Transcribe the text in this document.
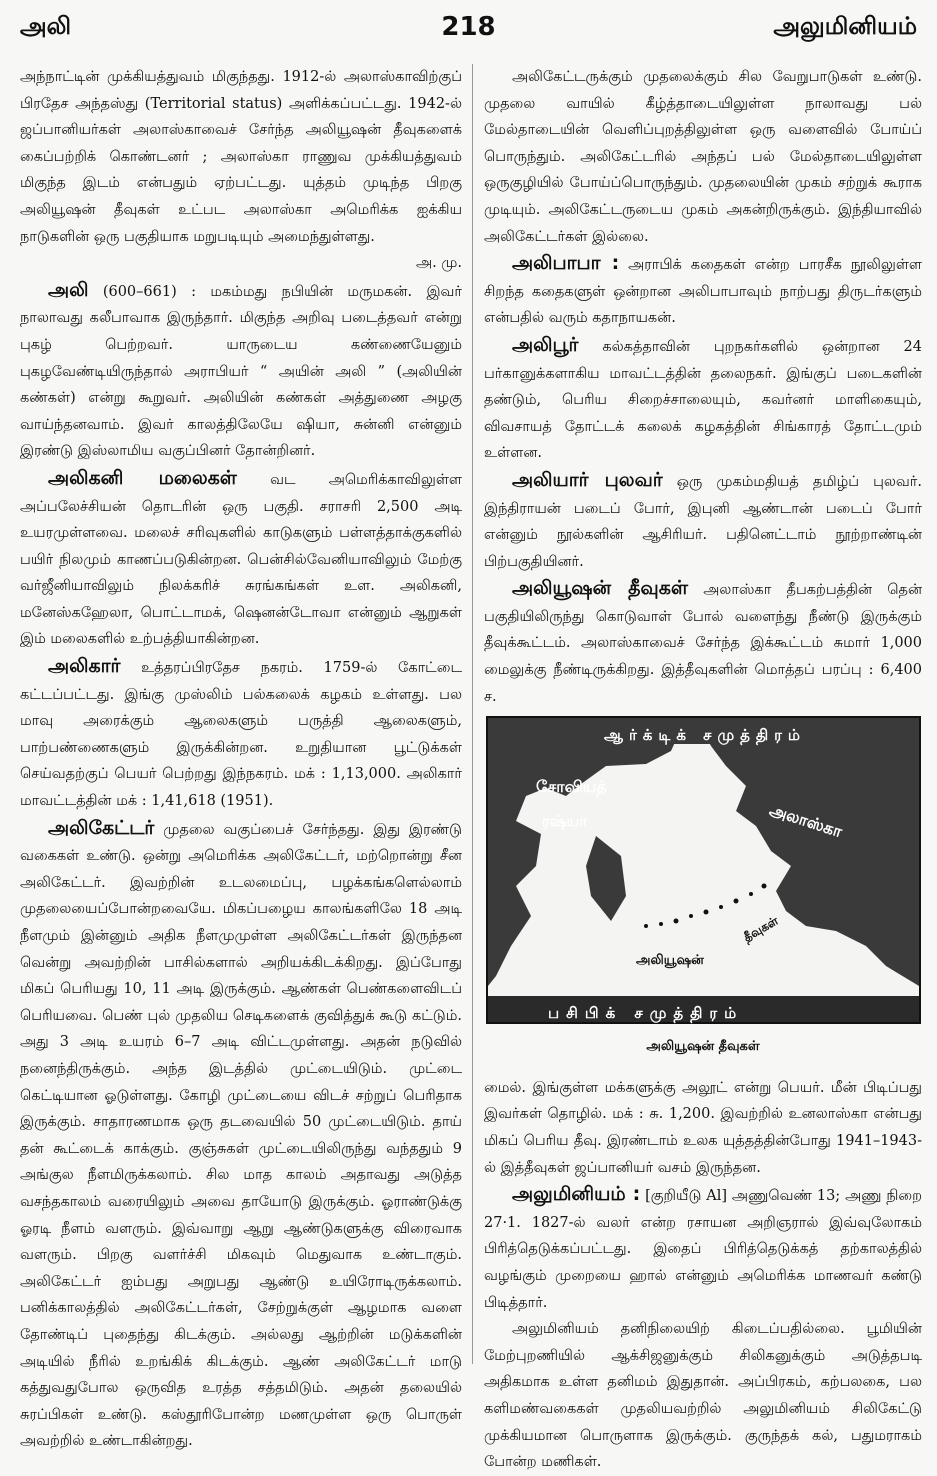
அலி	218	அலுமினியம்

அந்நாட்டின் முக்கியத்துவம் மிகுந்தது. 1912-ல் அலாஸ்காவிற்குப் பிரதேச அந்தஸ்து (Territorial status) அளிக்கப்பட்டது. 1942-ல் ஜப்பானியர்கள் அலாஸ்காவைச் சேர்ந்த அலியூஷன் தீவுகளைக் கைப்பற்றிக் கொண்டனர் ; அலாஸ்கா ராணுவ முக்கியத்துவம் மிகுந்த இடம் என்பதும் ஏற்பட்டது. யுத்தம் முடிந்த பிறகு அலியூஷன் தீவுகள் உட்பட அலாஸ்கா அமெரிக்க ஐக்கிய நாடுகளின் ஒரு பகுதியாக மறுபடியும் அமைந்துள்ளது.

அ. மு.

அலி (600–661) : மகம்மது நபியின் மருமகன். இவர் நாலாவது கலீபாவாக இருந்தார். மிகுந்த அறிவு படைத்தவர் என்று புகழ் பெற்றவர். யாருடைய கண்ணையேனும் புகழவேண்டியிருந்தால் அராபியர் “ அயின் அலி ” (அலியின் கண்கள்) என்று கூறுவர். அலியின் கண்கள் அத்துணை அழகு வாய்ந்தனவாம். இவர் காலத்திலேயே ஷியா, சுன்னி என்னும் இரண்டு இஸ்லாமிய வகுப்பினர் தோன்றினர்.

அலிகனி மலைகள் வட அமெரிக்காவிலுள்ள அப்பலேச்சியன் தொடரின் ஒரு பகுதி. சராசரி 2,500 அடி உயரமுள்ளவை. மலைச் சரிவுகளில் காடுகளும் பள்ளத்தாக்குகளில் பயிர் நிலமும் காணப்படுகின்றன. பென்சில்வேனியாவிலும் மேற்கு வர்ஜீனியாவிலும் நிலக்கரிச் சுரங்கங்கள் உள. அலிகனி, மனேஸ்கஹேலா, பொட்டாமக், ஷெனன்டோவா என்னும் ஆறுகள் இம் மலைகளில் உற்பத்தியாகின்றன.

அலிகார் உத்தரப்பிரதேச நகரம். 1759-ல் கோட்டை கட்டப்பட்டது. இங்கு முஸ்லிம் பல்கலைக் கழகம் உள்ளது. பல மாவு அரைக்கும் ஆலைகளும் பருத்தி ஆலைகளும், பாற்பண்ணைகளும் இருக்கின்றன. உறுதியான பூட்டுக்கள் செய்வதற்குப் பெயர் பெற்றது இந்நகரம். மக் : 1,13,000. அலிகார் மாவட்டத்தின் மக் : 1,41,618 (1951).

அலிகேட்டர் முதலை வகுப்பைச் சேர்ந்தது. இது இரண்டு வகைகள் உண்டு. ஒன்று அமெரிக்க அலிகேட்டர், மற்றொன்று சீன அலிகேட்டர். இவற்றின் உடலமைப்பு, பழக்கங்களெல்லாம் முதலையைப்போன்றவையே. மிகப்பழைய காலங்களிலே 18 அடி நீளமும் இன்னும் அதிக நீளமுமுள்ள அலிகேட்டர்கள் இருந்தன வென்று அவற்றின் பாசில்களால் அறியக்கிடக்கிறது. இப்போது மிகப் பெரியது 10, 11 அடி இருக்கும். ஆண்கள் பெண்களைவிடப் பெரியவை. பெண் புல் முதலிய செடிகளைக் குவித்துக் கூடு கட்டும். அது 3 அடி உயரம் 6–7 அடி விட்டமுள்ளது. அதன் நடுவில் நனைந்திருக்கும். அந்த இடத்தில் முட்டையிடும். முட்டை கெட்டியான ஓடுள்ளது. கோழி முட்டையை விடச் சற்றுப் பெரிதாக இருக்கும். சாதாரணமாக ஒரு தடவையில் 50 முட்டையிடும். தாய் தன் கூட்டைக் காக்கும். குஞ்சுகள் முட்டையிலிருந்து வந்ததும் 9 அங்குல நீளமிருக்கலாம். சில மாத காலம் அதாவது அடுத்த வசந்தகாலம் வரையிலும் அவை தாயோடு இருக்கும். ஓராண்டுக்கு ஓரடி நீளம் வளரும். இவ்வாறு ஆறு ஆண்டுகளுக்கு விரைவாக வளரும். பிறகு வளர்ச்சி மிகவும் மெதுவாக உண்டாகும். அலிகேட்டர் ஐம்பது அறுபது ஆண்டு உயிரோடிருக்கலாம். பனிக்காலத்தில் அலிகேட்டர்கள், சேற்றுக்குள் ஆழமாக வளை தோண்டிப் புதைந்து கிடக்கும். அல்லது ஆற்றின் மடுக்களின் அடியில் நீரில் உறங்கிக் கிடக்கும். ஆண் அலிகேட்டர் மாடு கத்துவதுபோல ஒருவித உரத்த சத்தமிடும். அதன் தலையில் சுரப்பிகள் உண்டு. கஸ்தூரிபோன்ற மணமுள்ள ஒரு பொருள் அவற்றில் உண்டாகின்றது.

அலிகேட்டருக்கும் முதலைக்கும் சில வேறுபாடுகள் உண்டு. முதலை வாயில் கீழ்த்தாடையிலுள்ள நாலாவது பல் மேல்தாடையின் வெளிப்புறத்திலுள்ள ஒரு வளைவில் போய்ப் பொருந்தும். அலிகேட்டரில் அந்தப் பல் மேல்தாடையிலுள்ள ஒருகுழியில் போய்ப்பொருந்தும். முதலையின் முகம் சற்றுக் கூராக முடியும். அலிகேட்டருடைய முகம் அகன்றிருக்கும். இந்தியாவில் அலிகேட்டர்கள் இல்லை.

அலிபாபா : அராபிக் கதைகள் என்ற பாரசீக நூலிலுள்ள சிறந்த கதைகளுள் ஒன்றான அலிபாபாவும் நாற்பது திருடர்களும் என்பதில் வரும் கதாநாயகன்.

அலிபூர் கல்கத்தாவின் புறநகர்களில் ஒன்றான 24 பர்கானுக்களாகிய மாவட்டத்தின் தலைநகர். இங்குப் படைகளின் தண்டும், பெரிய சிறைச்சாலையும், கவர்னர் மாளிகையும், விவசாயத் தோட்டக் கலைக் கழகத்தின் சிங்காரத் தோட்டமும் உள்ளன.

அலியார் புலவர் ஒரு முகம்மதியத் தமிழ்ப் புலவர். இந்திராயன் படைப் போர், இபுனி ஆண்டான் படைப் போர் என்னும் நூல்களின் ஆசிரியர். பதினெட்டாம் நூற்றாண்டின் பிற்பகுதியினர்.

அலியூஷன் தீவுகள் அலாஸ்கா தீபகற்பத்தின் தென் பகுதியிலிருந்து கொடுவாள் போல் வளைந்து நீண்டு இருக்கும் தீவுக்கூட்டம். அலாஸ்காவைச் சேர்ந்த இக்கூட்டம் சுமார் 1,000 மைலுக்கு நீண்டிருக்கிறது. இத்தீவுகளின் மொத்தப் பரப்பு : 6,400 ச.

ஆர்க்டிக் சமுத்திரம்
சோவியத்
ரஷ்யா	அலாஸ்கா
தீவுகள்
அலியூஷன்
பசிபிக் சமுத்திரம்
அலியூஷன் தீவுகள்

மைல். இங்குள்ள மக்களுக்கு அலூட் என்று பெயர். மீன் பிடிப்பது இவர்கள் தொழில். மக் : சு. 1,200. இவற்றில் உனலாஸ்கா என்பது மிகப் பெரிய தீவு. இரண்டாம் உலக யுத்தத்தின்போது 1941–1943-ல் இத்தீவுகள் ஜப்பானியர் வசம் இருந்தன.

அலுமினியம் : [குறியீடு Al] அணுவெண் 13; அணு நிறை 27·1. 1827-ல் வலர் என்ற ரசாயன அறிஞரால் இவ்வுலோகம் பிரித்தெடுக்கப்பட்டது. இதைப் பிரித்தெடுக்கத் தற்காலத்தில் வழங்கும் முறையை ஹால் என்னும் அமெரிக்க மாணவர் கண்டு பிடித்தார்.

அலுமினியம் தனிநிலையிற் கிடைப்பதில்லை. பூமியின் மேற்புறணியில் ஆக்சிஜனுக்கும் சிலிகனுக்கும் அடுத்தபடி அதிகமாக உள்ள தனிமம் இதுதான். அப்பிரகம், கற்பலகை, பல களிமண்வகைகள் முதலியவற்றில் அலுமினியம் சிலிகேட்டு முக்கியமான பொருளாக இருக்கும். குருந்தக் கல், பதுமராகம் போன்ற மணிகள்.
